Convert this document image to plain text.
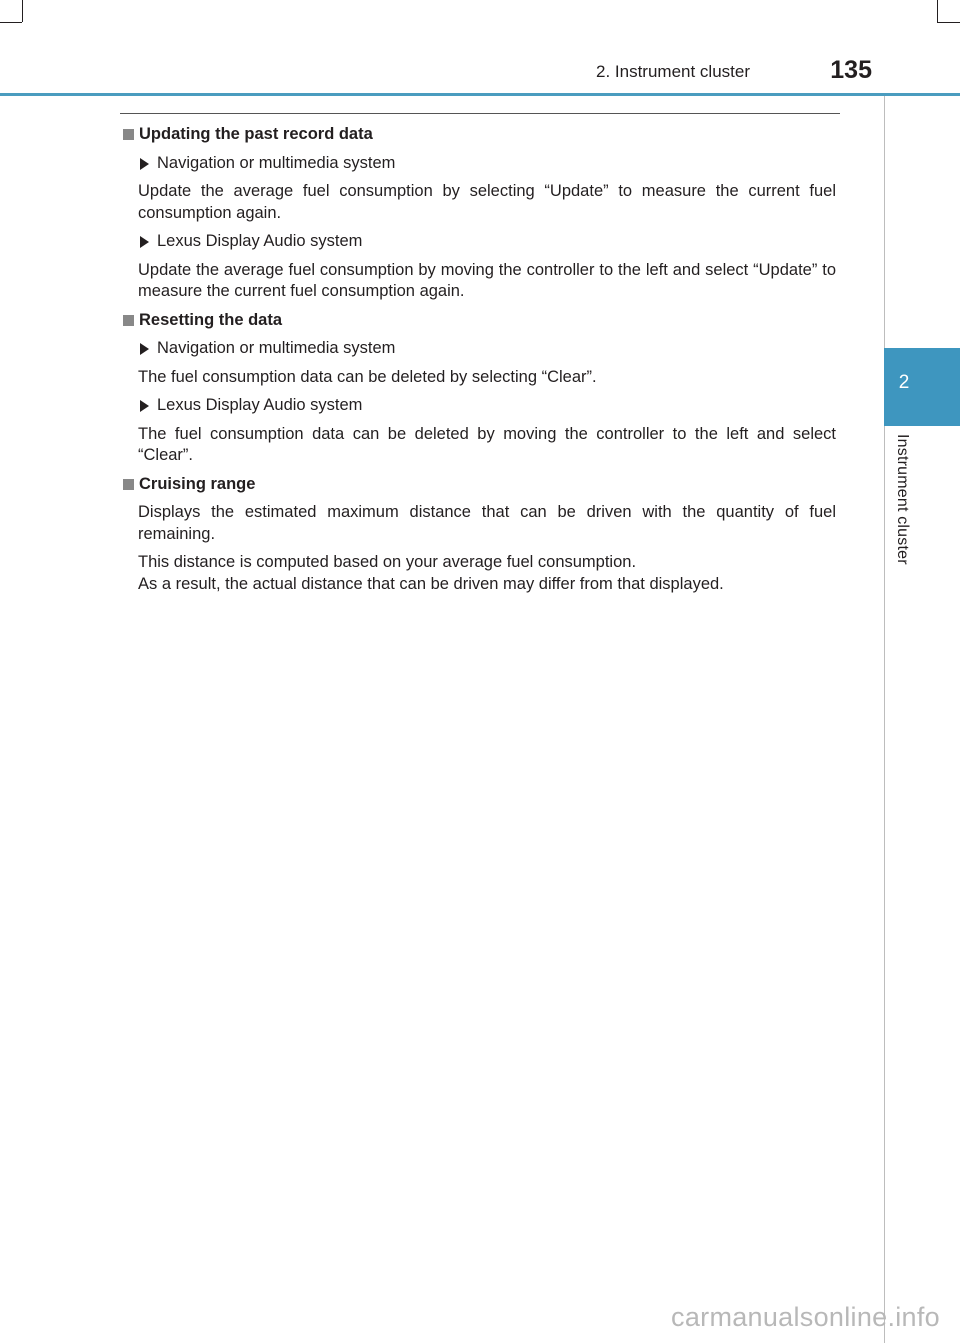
2. Instrument cluster	135
2
Instrument cluster
Updating the past record data
Navigation or multimedia system

Update the average fuel consumption by selecting “Update” to measure the current fuel consumption again.

Lexus Display Audio system

Update the average fuel consumption by moving the controller to the left and select “Update” to measure the current fuel consumption again.

Resetting the data
Navigation or multimedia system

The fuel consumption data can be deleted by selecting “Clear”.

Lexus Display Audio system

The fuel consumption data can be deleted by moving the controller to the left and select “Clear”.

Cruising range

Displays the estimated maximum distance that can be driven with the quantity of fuel remaining.

This distance is computed based on your average fuel consumption.

As a result, the actual distance that can be driven may differ from that displayed.

carmanualsonline.info
